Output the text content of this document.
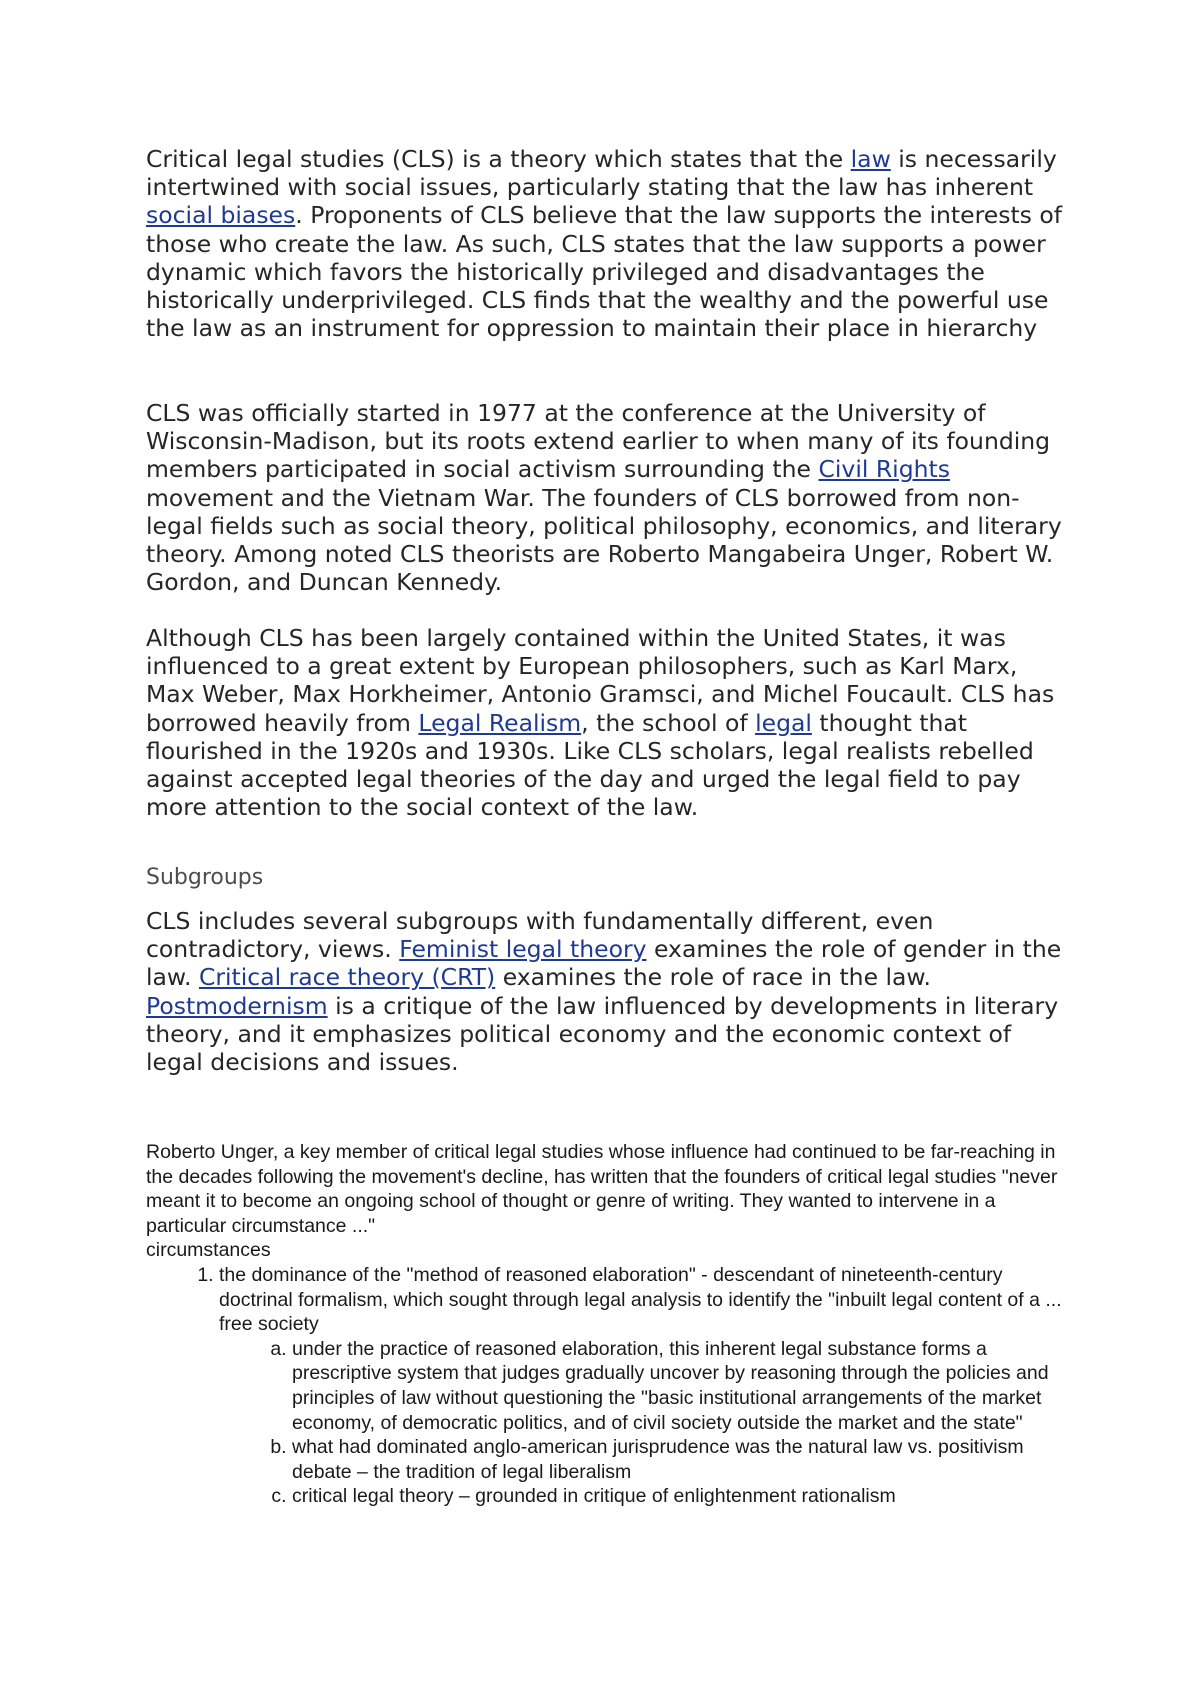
Critical legal studies (CLS) is a theory which states that the law is necessarily intertwined with social issues, particularly stating that the law has inherent social biases. Proponents of CLS believe that the law supports the interests of those who create the law. As such, CLS states that the law supports a power dynamic which favors the historically privileged and disadvantages the historically underprivileged. CLS finds that the wealthy and the powerful use the law as an instrument for oppression to maintain their place in hierarchy

CLS was officially started in 1977 at the conference at the University of Wisconsin-Madison, but its roots extend earlier to when many of its founding members participated in social activism surrounding the Civil Rights movement and the Vietnam War. The founders of CLS borrowed from non-legal fields such as social theory, political philosophy, economics, and literary theory. Among noted CLS theorists are Roberto Mangabeira Unger, Robert W. Gordon, and Duncan Kennedy.

Although CLS has been largely contained within the United States, it was influenced to a great extent by European philosophers, such as Karl Marx, Max Weber, Max Horkheimer, Antonio Gramsci, and Michel Foucault. CLS has borrowed heavily from Legal Realism, the school of legal thought that flourished in the 1920s and 1930s. Like CLS scholars, legal realists rebelled against accepted legal theories of the day and urged the legal field to pay more attention to the social context of the law.

Subgroups

CLS includes several subgroups with fundamentally different, even contradictory, views. Feminist legal theory examines the role of gender in the law. Critical race theory (CRT) examines the role of race in the law. Postmodernism is a critique of the law influenced by developments in literary theory, and it emphasizes political economy and the economic context of legal decisions and issues.

Roberto Unger, a key member of critical legal studies whose influence had continued to be far-reaching in the decades following the movement's decline, has written that the founders of critical legal studies "never meant it to become an ongoing school of thought or genre of writing. They wanted to intervene in a particular circumstance ..."

circumstances

1. the dominance of the "method of reasoned elaboration" - descendant of nineteenth-century doctrinal formalism, which sought through legal analysis to identify the "inbuilt legal content of a ... free society
a. under the practice of reasoned elaboration, this inherent legal substance forms a prescriptive system that judges gradually uncover by reasoning through the policies and principles of law without questioning the "basic institutional arrangements of the market economy, of democratic politics, and of civil society outside the market and the state"
b. what had dominated anglo-american jurisprudence was the natural law vs. positivism debate – the tradition of legal liberalism
c. critical legal theory – grounded in critique of enlightenment rationalism
